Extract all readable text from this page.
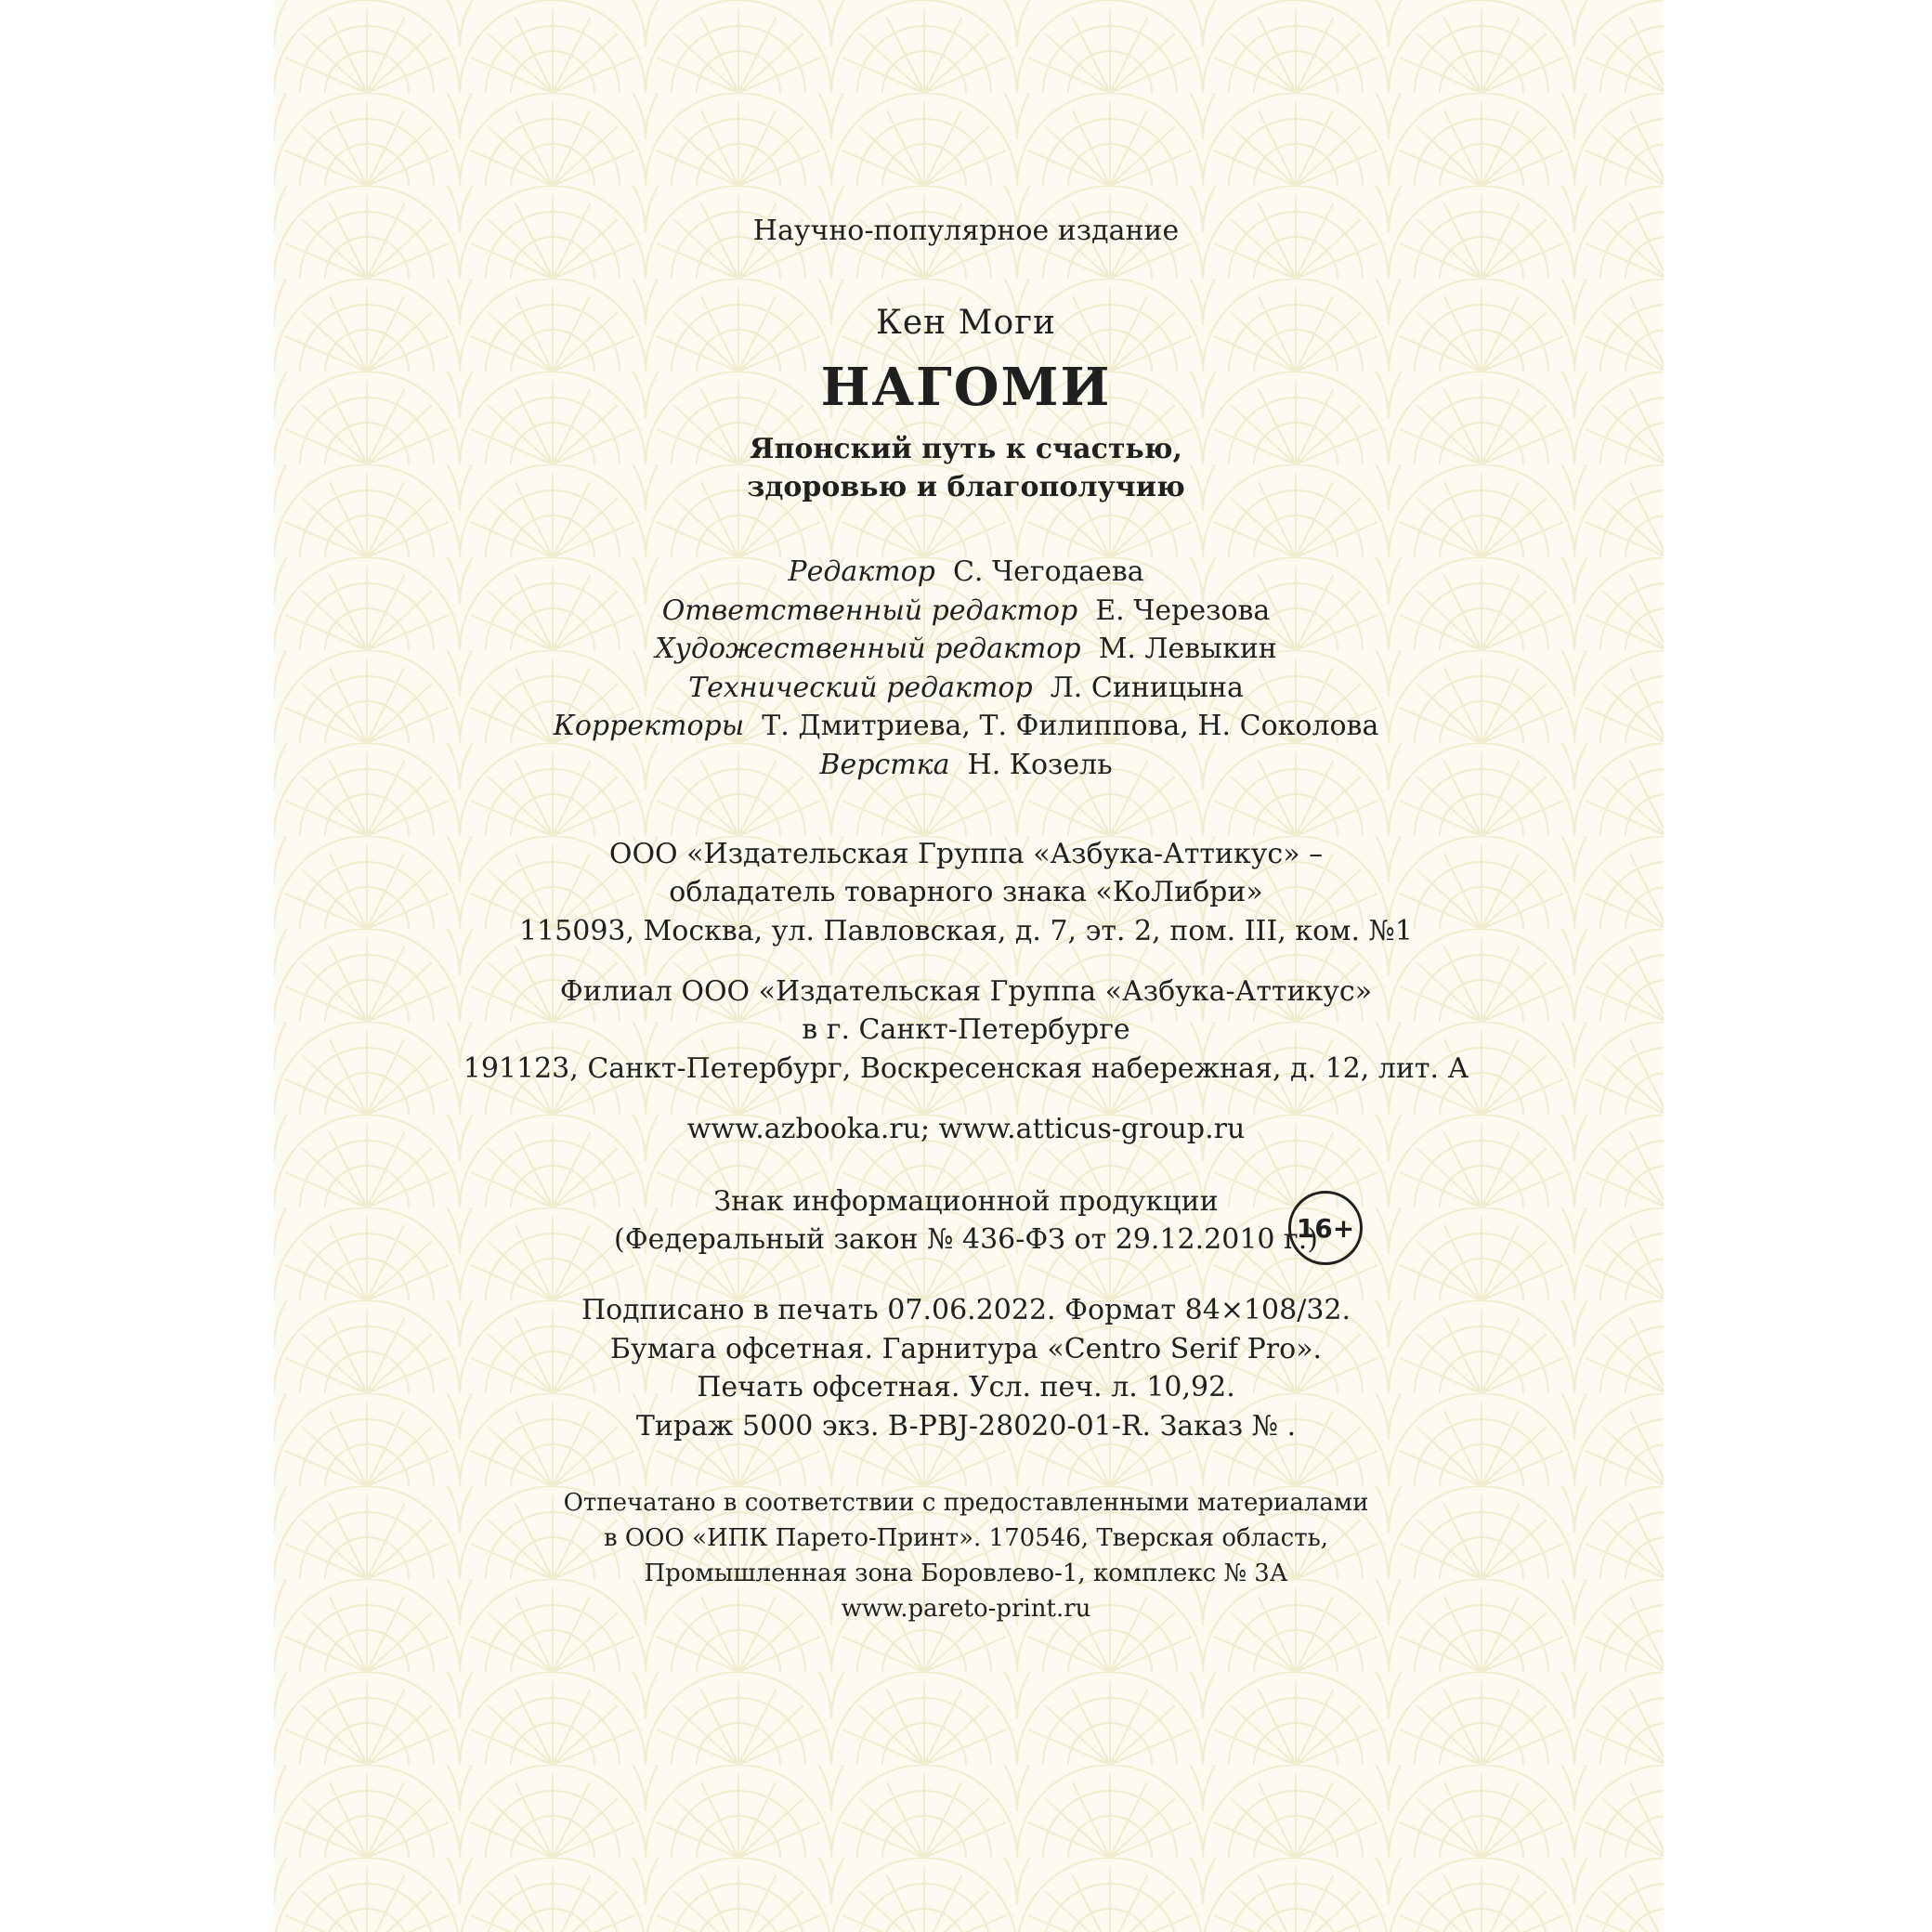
Научно-популярное издание
Кен Моги
НАГОМИ
Японский путь к счастью,
здоровью и благополучию
Редактор С. Чегодаева
Ответственный редактор Е. Черезова
Художественный редактор М. Левыкин
Технический редактор Л. Синицына
Корректоры Т. Дмитриева, Т. Филиппова, Н. Соколова
Верстка Н. Козель
ООО «Издательская Группа «Азбука-Аттикус» –
обладатель товарного знака «КоЛибри»
115093, Москва, ул. Павловская, д. 7, эт. 2, пом. III, ком. №1
Филиал ООО «Издательская Группа «Азбука-Аттикус»
в г. Санкт-Петербурге
191123, Санкт-Петербург, Воскресенская набережная, д. 12, лит. А
www.azbooka.ru; www.atticus-group.ru
Знак информационной продукции
(Федеральный закон № 436-ФЗ от 29.12.2010 г.)
Подписано в печать 07.06.2022. Формат 84×108/32.
Бумага офсетная. Гарнитура «Centro Serif Pro».
Печать офсетная. Усл. печ. л. 10,92.
Тираж 5000 экз. B-PBJ-28020-01-R. Заказ № .
Отпечатано в соответствии с предоставленными материалами
в ООО «ИПК Парето-Принт». 170546, Тверская область,
Промышленная зона Боровлево-1, комплекс № 3А
www.pareto-print.ru
16+
